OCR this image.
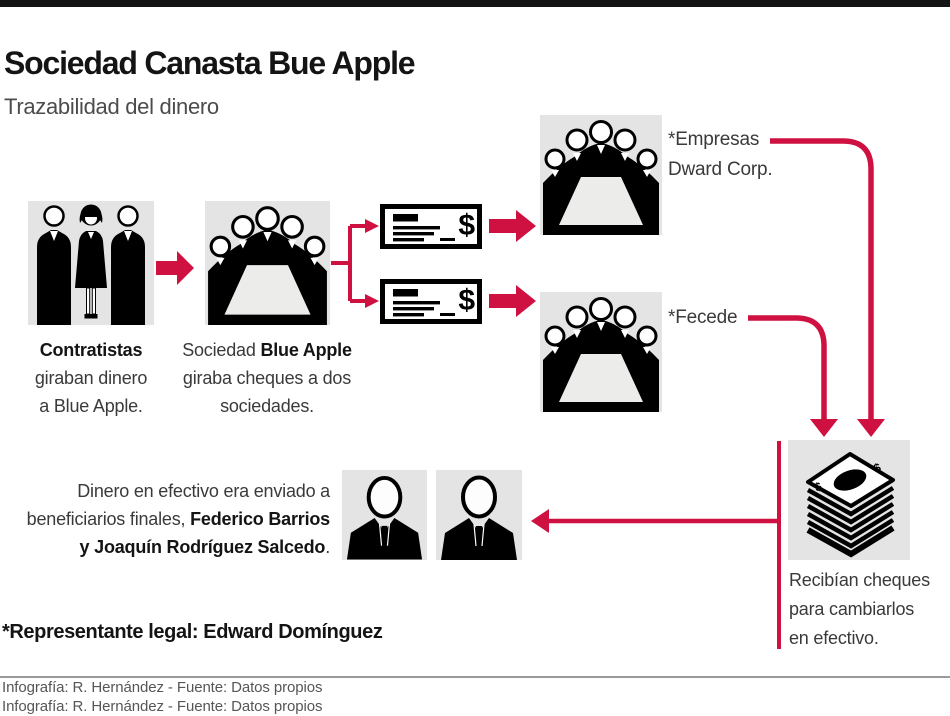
Sociedad Canasta Bue Apple
Trazabilidad del dinero
$
$
Contratistas
giraban dinero
a Blue Apple.
Sociedad Blue Apple
giraba cheques a dos
sociedades.
*Empresas
Dward Corp.
*Fecede
Recibían cheques
para cambiarlos
en efectivo.
Dinero en efectivo era enviado a
beneficiarios finales, Federico Barrios
y Joaquín Rodríguez Salcedo.
*Representante legal: Edward Domínguez
Infografía: R. Hernández - Fuente: Datos propios
Infografía: R. Hernández - Fuente: Datos propios
